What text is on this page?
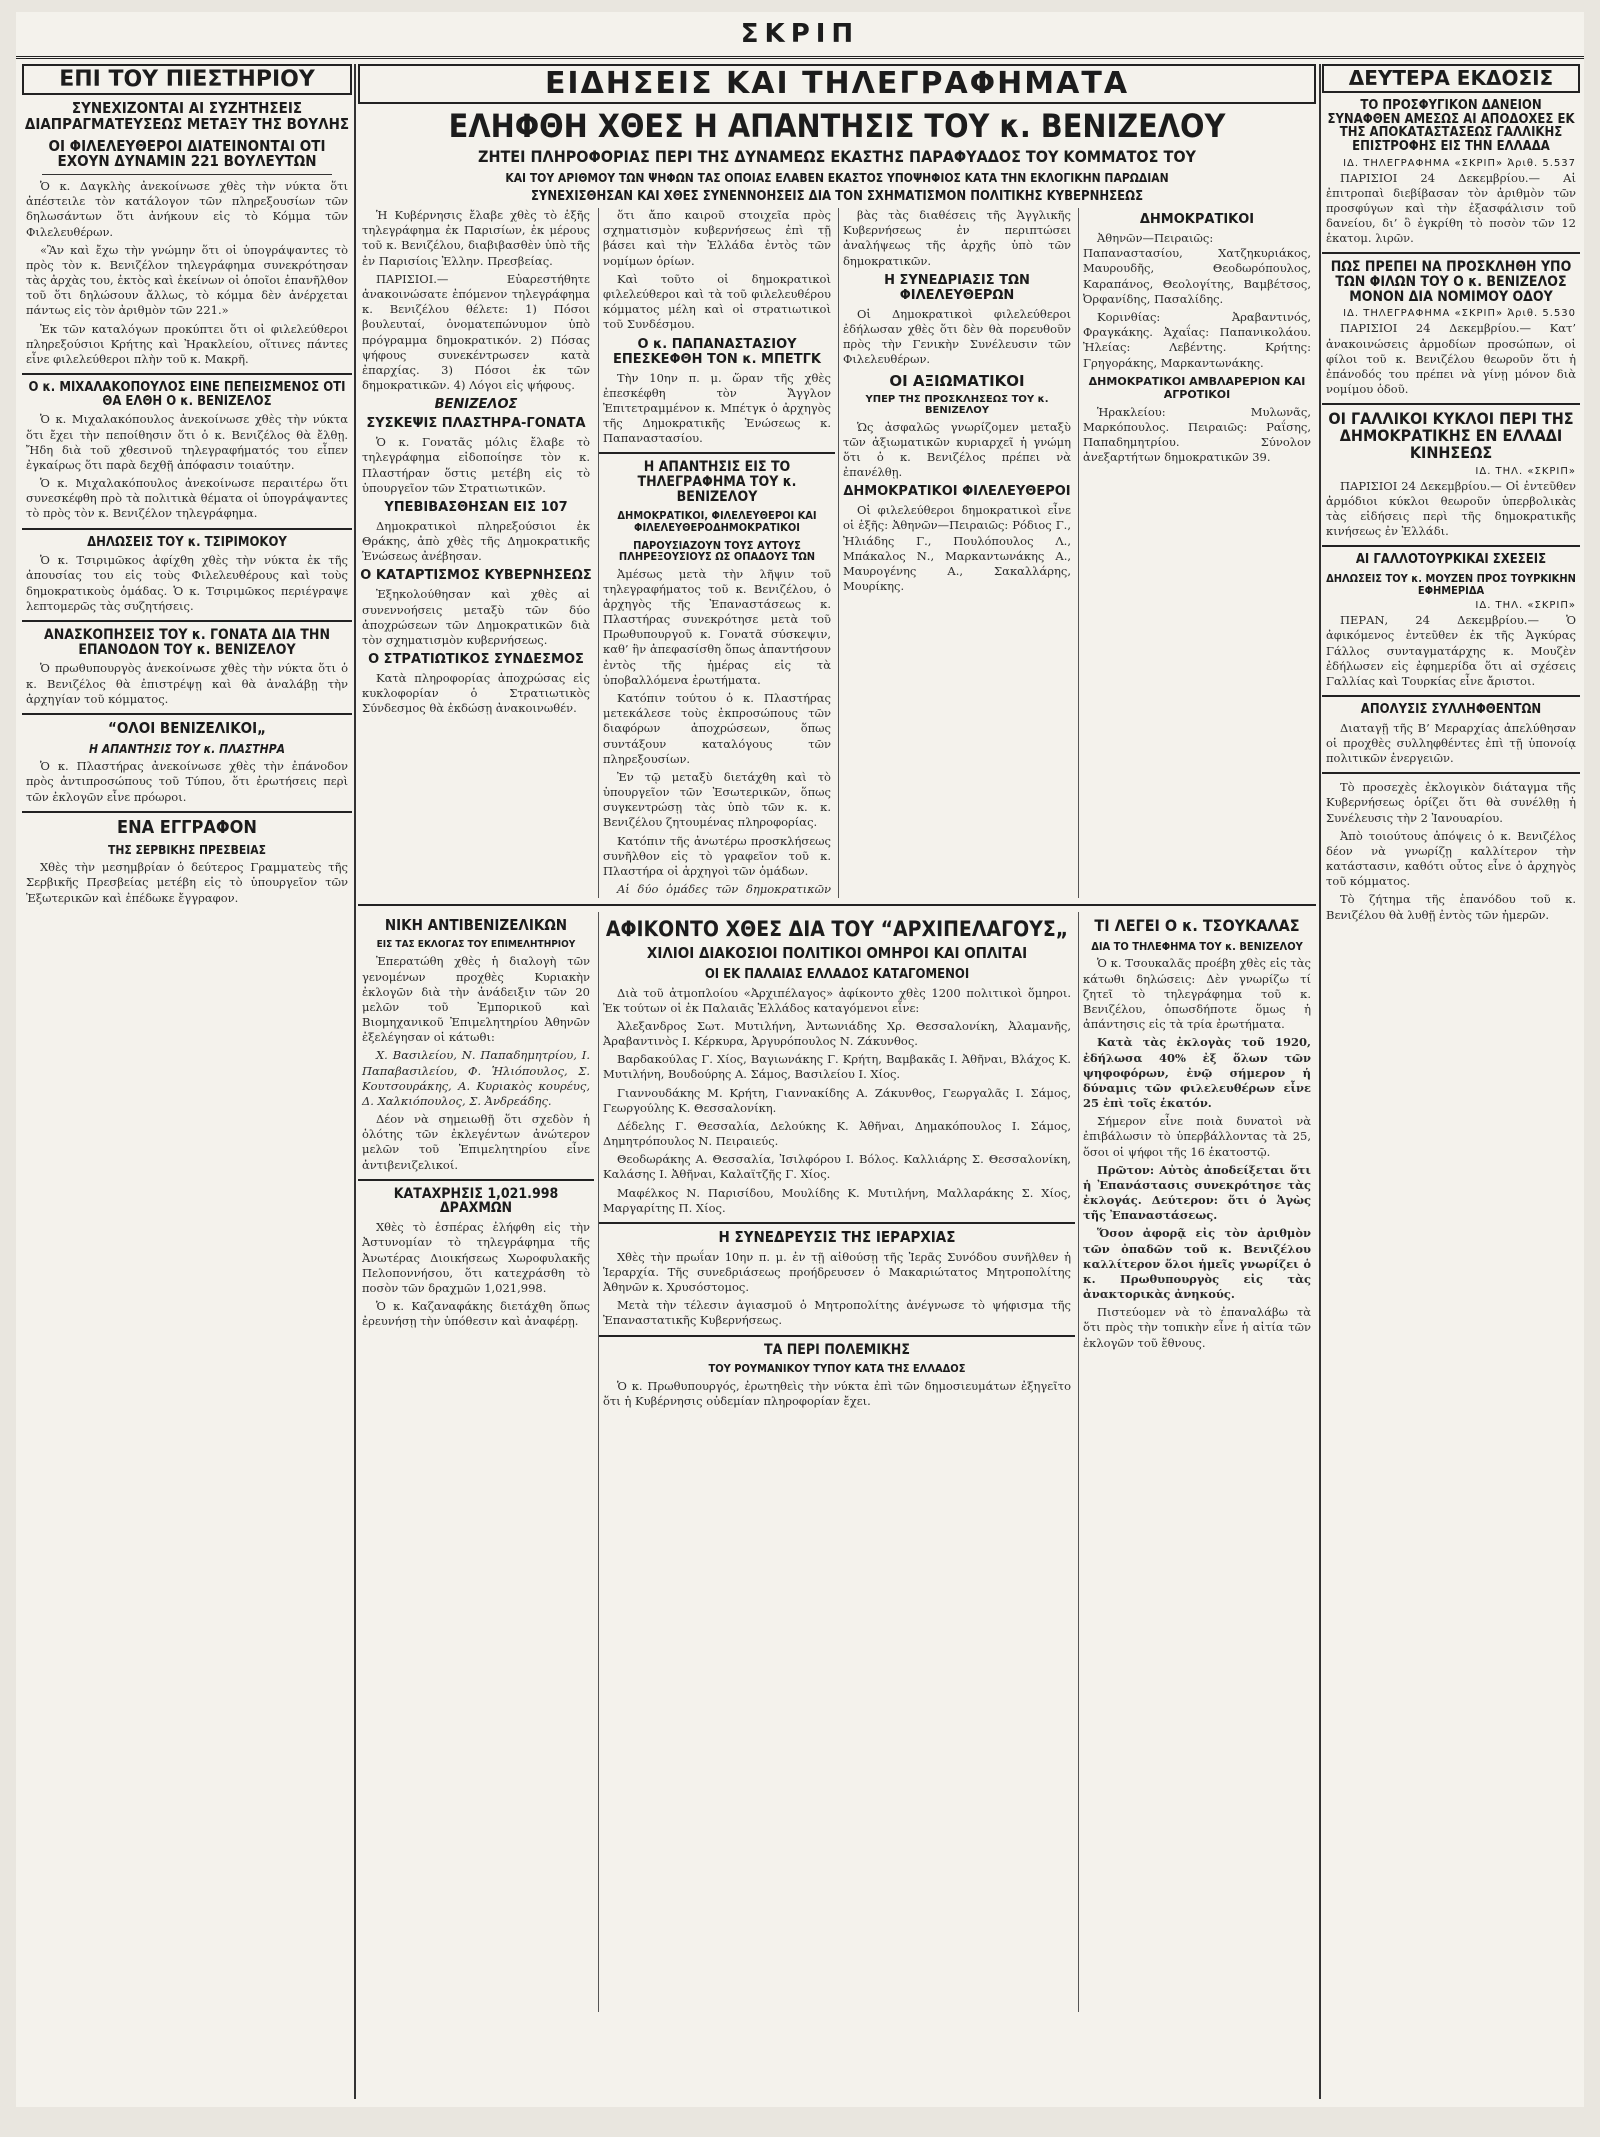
ΣΚΡΙΠ
ΕΠΙ ΤΟΥ ΠΙΕΣΤΗΡΙΟΥ
ΣΥΝΕΧΙΖΟΝΤΑΙ ΑΙ ΣΥΖΗΤΗΣΕΙΣ ΔΙΑΠΡΑΓΜΑΤΕΥΣΕΩΣ ΜΕΤΑΞΥ ΤΗΣ ΒΟΥΛΗΣ
ΟΙ ΦΙΛΕΛΕΥΘΕΡΟΙ ΔΙΑΤΕΙΝΟΝΤΑΙ ΟΤΙ ΕΧΟΥΝ ΔΥΝΑΜΙΝ 221 ΒΟΥΛΕΥΤΩΝ

Ὁ κ. Δαγκλὴς ἀνεκοίνωσε χθὲς τὴν νύκτα ὅτι ἀπέστειλε τὸν κατάλογον τῶν πληρεξουσίων τῶν δηλωσάντων ὅτι ἀνήκουν εἰς τὸ Κόμμα τῶν Φιλελευθέρων.

«Ἂν καὶ ἔχω τὴν γνώμην ὅτι οἱ ὑπογράψαντες τὸ πρὸς τὸν κ. Βενιζέλον τηλεγράφημα συνεκρότησαν τὰς ἀρχὰς του, ἐκτὸς καὶ ἐκείνων οἱ ὁποῖοι ἐπανῆλθον τοῦ ὅτι δηλώσουν ἄλλως, τὸ κόμμα δὲν ἀνέρχεται πάντως εἰς τὸν ἀριθμὸν τῶν 221.»

Ἐκ τῶν καταλόγων προκύπτει ὅτι οἱ φιλελεύθεροι πληρεξούσιοι Κρήτης καὶ Ἠρακλείου, οἵτινες πάντες εἶνε φιλελεύθεροι πλὴν τοῦ κ. Μακρῆ.

Ο κ. ΜΙΧΑΛΑΚΟΠΟΥΛΟΣ ΕΙΝΕ ΠΕΠΕΙΣΜΕΝΟΣ ΟΤΙ ΘΑ ΕΛΘΗ Ο κ. ΒΕΝΙΖΕΛΟΣ

Ὁ κ. Μιχαλακόπουλος ἀνεκοίνωσε χθὲς τὴν νύκτα ὅτι ἔχει τὴν πεποίθησιν ὅτι ὁ κ. Βενιζέλος θὰ ἔλθῃ. Ἤδη διὰ τοῦ χθεσινοῦ τηλεγραφήματός του εἶπεν ἐγκαίρως ὅτι παρὰ δεχθῇ ἀπόφασιν τοιαύτην.

Ὁ κ. Μιχαλακόπουλος ἀνεκοίνωσε περαιτέρω ὅτι συνεσκέφθη πρὸ τὰ πολιτικὰ θέματα οἱ ὑπογράψαντες τὸ πρὸς τὸν κ. Βενιζέλον τηλεγράφημα.

ΔΗΛΩΣΕΙΣ ΤΟΥ κ. ΤΣΙΡΙΜΟΚΟΥ

Ὁ κ. Τσιριμῶκος ἀφίχθη χθὲς τὴν νύκτα ἐκ τῆς ἀπουσίας του εἰς τοὺς Φιλελευθέρους καὶ τοὺς δημοκρατικοὺς ὁμάδας. Ὁ κ. Τσιριμῶκος περιέγραψε λεπτομερῶς τὰς συζητήσεις.

ΑΝΑΣΚΟΠΗΣΕΙΣ ΤΟΥ κ. ΓΟΝΑΤΑ ΔΙΑ ΤΗΝ ΕΠΑΝΟΔΟΝ ΤΟΥ κ. ΒΕΝΙΖΕΛΟΥ

Ὁ πρωθυπουργὸς ἀνεκοίνωσε χθὲς τὴν νύκτα ὅτι ὁ κ. Βενιζέλος θὰ ἐπιστρέψῃ καὶ θὰ ἀναλάβῃ τὴν ἀρχηγίαν τοῦ κόμματος.

“ΟΛΟΙ ΒΕΝΙΖΕΛΙΚΟΙ„
Η ΑΠΑΝΤΗΣΙΣ ΤΟΥ κ. ΠΛΑΣΤΗΡΑ

Ὁ κ. Πλαστήρας ἀνεκοίνωσε χθὲς τὴν ἐπάνοδον πρὸς ἀντιπροσώπους τοῦ Τύπου, ὅτι ἐρωτήσεις περὶ τῶν ἐκλογῶν εἶνε πρόωροι.

ΕΝΑ ΕΓΓΡΑΦΟΝ
ΤΗΣ ΣΕΡΒΙΚΗΣ ΠΡΕΣΒΕΙΑΣ

Χθὲς τὴν μεσημβρίαν ὁ δεύτερος Γραμματεὺς τῆς Σερβικῆς Πρεσβείας μετέβη εἰς τὸ ὑπουργεῖον τῶν Ἐξωτερικῶν καὶ ἐπέδωκε ἔγγραφον.

ΕΙΔΗΣΕΙΣ ΚΑΙ ΤΗΛΕΓΡΑΦΗΜΑΤΑ
ΕΛΗΦΘΗ ΧΘΕΣ Η ΑΠΑΝΤΗΣΙΣ ΤΟΥ κ. ΒΕΝΙΖΕΛΟΥ
ΖΗΤΕΙ ΠΛΗΡΟΦΟΡΙΑΣ ΠΕΡΙ ΤΗΣ ΔΥΝΑΜΕΩΣ ΕΚΑΣΤΗΣ ΠΑΡΑΦΥΑΔΟΣ ΤΟΥ ΚΟΜΜΑΤΟΣ ΤΟΥ
ΚΑΙ ΤΟΥ ΑΡΙΘΜΟΥ ΤΩΝ ΨΗΦΩΝ ΤΑΣ ΟΠΟΙΑΣ ΕΛΑΒΕΝ ΕΚΑΣΤΟΣ ΥΠΟΨΗΦΙΟΣ ΚΑΤΑ ΤΗΝ ΕΚΛΟΓΙΚΗΝ ΠΑΡΩΔΙΑΝ
ΣΥΝΕΧΙΣΘΗΣΑΝ ΚΑΙ ΧΘΕΣ ΣΥΝΕΝΝΟΗΣΕΙΣ ΔΙΑ ΤΟΝ ΣΧΗΜΑΤΙΣΜΟΝ ΠΟΛΙΤΙΚΗΣ ΚΥΒΕΡΝΗΣΕΩΣ

Ἡ Κυβέρνησις ἔλαβε χθὲς τὸ ἑξῆς τηλεγράφημα ἐκ Παρισίων, ἐκ μέρους τοῦ κ. Βενιζέλου, διαβιβασθὲν ὑπὸ τῆς ἐν Παρισίοις Ἑλλην. Πρεσβείας.

ΠΑΡΙΣΙΟΙ.— Εὐαρεστήθητε ἀνακοινώσατε ἐπόμενον τηλεγράφημα κ. Βενιζέλου θέλετε: 1) Πόσοι βουλευταί, ὀνοματεπώνυμον ὑπὸ πρόγραμμα δημοκρατικόν. 2) Πόσας ψήφους συνεκέντρωσεν κατὰ ἐπαρχίας. 3) Πόσοι ἐκ τῶν δημοκρατικῶν. 4) Λόγοι εἰς ψήφους.

ΒΕΝΙΖΕΛΟΣ
ΣΥΣΚΕΨΙΣ ΠΛΑΣΤΗΡΑ-ΓΟΝΑΤΑ

Ὁ κ. Γονατᾶς μόλις ἔλαβε τὸ τηλεγράφημα εἰδοποίησε τὸν κ. Πλαστήραν ὅστις μετέβη εἰς τὸ ὑπουργεῖον τῶν Στρατιωτικῶν.

ΥΠΕΒΙΒΑΣΘΗΣΑΝ ΕΙΣ 107

Δημοκρατικοὶ πληρεξούσιοι ἐκ Θράκης, ἀπὸ χθὲς τῆς Δημοκρατικῆς Ἑνώσεως ἀνέβησαν.

Ο ΚΑΤΑΡΤΙΣΜΟΣ ΚΥΒΕΡΝΗΣΕΩΣ

Ἐξηκολούθησαν καὶ χθὲς αἱ συνεννοήσεις μεταξὺ τῶν δύο ἀποχρώσεων τῶν Δημοκρατικῶν διὰ τὸν σχηματισμὸν κυβερνήσεως.

Ο ΣΤΡΑΤΙΩΤΙΚΟΣ ΣΥΝΔΕΣΜΟΣ

Κατὰ πληροφορίας ἀποχρώσας εἰς κυκλοφορίαν ὁ Στρατιωτικὸς Σύνδεσμος θὰ ἐκδώσῃ ἀνακοινωθέν.

ὅτι ἄπο καιροῦ στοιχεῖα πρὸς σχηματισμὸν κυβερνήσεως ἐπὶ τῇ βάσει καὶ τὴν Ἑλλάδα ἐντὸς τῶν νομίμων ὁρίων.

Καὶ τοῦτο οἱ δημοκρατικοὶ φιλελεύθεροι καὶ τὰ τοῦ φιλελευθέρου κόμματος μέλη καὶ οἱ στρατιωτικοὶ τοῦ Συνδέσμου.

Ο κ. ΠΑΠΑΝΑΣΤΑΣΙΟΥ ΕΠΕΣΚΕΦΘΗ ΤΟΝ κ. ΜΠΕΤΓΚ

Τὴν 10ην π. μ. ὥραν τῆς χθὲς ἐπεσκέφθη τὸν Ἄγγλον Ἐπιτετραμμένον κ. Μπέτγκ ὁ ἀρχηγὸς τῆς Δημοκρατικῆς Ἑνώσεως κ. Παπαναστασίου.

Η ΑΠΑΝΤΗΣΙΣ ΕΙΣ ΤΟ ΤΗΛΕΓΡΑΦΗΜΑ ΤΟΥ κ. ΒΕΝΙΖΕΛΟΥ
ΔΗΜΟΚΡΑΤΙΚΟΙ, ΦΙΛΕΛΕΥΘΕΡΟΙ ΚΑΙ ΦΙΛΕΛΕΥΘΕΡΟΔΗΜΟΚΡΑΤΙΚΟΙ
ΠΑΡΟΥΣΙΑΖΟΥΝ ΤΟΥΣ ΑΥΤΟΥΣ ΠΛΗΡΕΞΟΥΣΙΟΥΣ ΩΣ ΟΠΑΔΟΥΣ ΤΩΝ

Ἀμέσως μετὰ τὴν λῆψιν τοῦ τηλεγραφήματος τοῦ κ. Βενιζέλου, ὁ ἀρχηγὸς τῆς Ἐπαναστάσεως κ. Πλαστήρας συνεκρότησε μετὰ τοῦ Πρωθυπουργοῦ κ. Γονατᾶ σύσκεψιν, καθ’ ἣν ἀπεφασίσθη ὅπως ἀπαντήσουν ἐντὸς τῆς ἡμέρας εἰς τὰ ὑποβαλλόμενα ἐρωτήματα.

Κατόπιν τούτου ὁ κ. Πλαστήρας μετεκάλεσε τοὺς ἐκπροσώπους τῶν διαφόρων ἀποχρώσεων, ὅπως συντάξουν καταλόγους τῶν πληρεξουσίων.

Ἐν τῷ μεταξὺ διετάχθη καὶ τὸ ὑπουργεῖον τῶν Ἐσωτερικῶν, ὅπως συγκεντρώσῃ τὰς ὑπὸ τῶν κ. κ. Βενιζέλου ζητουμένας πληροφορίας.

Κατόπιν τῆς ἀνωτέρω προσκλήσεως συνῆλθον εἰς τὸ γραφεῖον τοῦ κ. Πλαστήρα οἱ ἀρχηγοὶ τῶν ὁμάδων.

Αἱ δύο ὁμάδες τῶν δημοκρατικῶν

βὰς τὰς διαθέσεις τῆς Ἀγγλικῆς Κυβερνήσεως ἐν περιπτώσει ἀναλήψεως τῆς ἀρχῆς ὑπὸ τῶν δημοκρατικῶν.

Η ΣΥΝΕΔΡΙΑΣΙΣ ΤΩΝ ΦΙΛΕΛΕΥΘΕΡΩΝ

Οἱ Δημοκρατικοὶ φιλελεύθεροι ἐδήλωσαν χθὲς ὅτι δὲν θὰ πορευθοῦν πρὸς τὴν Γενικὴν Συνέλευσιν τῶν Φιλελευθέρων.

ΟΙ ΑΞΙΩΜΑΤΙΚΟΙ
ΥΠΕΡ ΤΗΣ ΠΡΟΣΚΛΗΣΕΩΣ ΤΟΥ κ. ΒΕΝΙΖΕΛΟΥ

Ὡς ἀσφαλῶς γνωρίζομεν μεταξὺ τῶν ἀξιωματικῶν κυριαρχεῖ ἡ γνώμη ὅτι ὁ κ. Βενιζέλος πρέπει νὰ ἐπανέλθῃ.

ΔΗΜΟΚΡΑΤΙΚΟΙ ΦΙΛΕΛΕΥΘΕΡΟΙ

Οἱ φιλελεύθεροι δημοκρατικοὶ εἶνε οἱ ἑξῆς: Ἀθηνῶν—Πειραιῶς: Ρόδιος Γ., Ἠλιάδης Γ., Πουλόπουλος Λ., Μπάκαλος Ν., Μαρκαντωνάκης Α., Μαυρογένης Α., Σακαλλάρης, Μουρίκης.

ΔΗΜΟΚΡΑΤΙΚΟΙ

Ἀθηνῶν—Πειραιῶς: Παπαναστασίου, Χατζηκυριάκος, Μαυρουδῆς, Θεοδωρόπουλος, Καραπάνος, Θεολογίτης, Βαμβέτσος, Ὀρφανίδης, Πασαλίδης.

Κορινθίας: Ἀραβαντινός, Φραγκάκης. Ἀχαΐας: Παπανικολάου. Ἠλείας: Λεβέντης. Κρήτης: Γρηγοράκης, Μαρκαντωνάκης.

ΔΗΜΟΚΡΑΤΙΚΟΙ ΑΜΒΛΑΡΕΡΙΟΝ ΚΑΙ ΑΓΡΟΤΙΚΟΙ

Ἡρακλείου: Μυλωνᾶς, Μαρκόπουλος. Πειραιῶς: Ραΐσης, Παπαδημητρίου. Σύνολον ἀνεξαρτήτων δημοκρατικῶν 39.

ΝΙΚΗ ΑΝΤΙΒΕΝΙΖΕΛΙΚΩΝ
ΕΙΣ ΤΑΣ ΕΚΛΟΓΑΣ ΤΟΥ ΕΠΙΜΕΛΗΤΗΡΙΟΥ

Ἐπερατώθη χθὲς ἡ διαλογὴ τῶν γενομένων προχθὲς Κυριακὴν ἐκλογῶν διὰ τὴν ἀνάδειξιν τῶν 20 μελῶν τοῦ Ἐμπορικοῦ καὶ Βιομηχανικοῦ Ἐπιμελητηρίου Ἀθηνῶν ἐξελέγησαν οἱ κάτωθι:

Χ. Βασιλείου, Ν. Παπαδημητρίου, Ι. Παπαβασιλείου, Φ. Ἡλιόπουλος, Σ. Κουτσουράκης, Α. Κυριακὸς κουρέυς, Δ. Χαλκιόπουλος, Σ. Ἀνδρεάδης.

Δέον νὰ σημειωθῇ ὅτι σχεδὸν ἡ ὁλότης τῶν ἐκλεγέντων ἀνώτερον μελῶν τοῦ Ἐπιμελητηρίου εἶνε ἀντιβενιζελικοί.

ΚΑΤΑΧΡΗΣΙΣ 1,021.998 ΔΡΑΧΜΩΝ

Χθὲς τὸ ἑσπέρας ἐλήφθη εἰς τὴν Ἀστυνομίαν τὸ τηλεγράφημα τῆς Ἀνωτέρας Διοικήσεως Χωροφυλακῆς Πελοποννήσου, ὅτι κατεχράσθη τὸ ποσὸν τῶν δραχμῶν 1,021,998.

Ὁ κ. Καζαναφάκης διετάχθη ὅπως ἐρευνήσῃ τὴν ὑπόθεσιν καὶ ἀναφέρῃ.

ΑΦΙΚΟΝΤΟ ΧΘΕΣ ΔΙΑ ΤΟΥ “ΑΡΧΙΠΕΛΑΓΟΥΣ„
ΧΙΛΙΟΙ ΔΙΑΚΟΣΙΟΙ ΠΟΛΙΤΙΚΟΙ ΟΜΗΡΟΙ ΚΑΙ ΟΠΛΙΤΑΙ
ΟΙ ΕΚ ΠΑΛΑΙΑΣ ΕΛΛΑΔΟΣ ΚΑΤΑΓΟΜΕΝΟΙ

Διὰ τοῦ ἀτμοπλοίου «Ἀρχιπέλαγος» ἀφίκοντο χθὲς 1200 πολιτικοὶ ὅμηροι. Ἐκ τούτων οἱ ἐκ Παλαιᾶς Ἑλλάδος καταγόμενοι εἶνε:

Ἀλεξανδρος Σωτ. Μυτιλήνη, Ἀντωνιάδης Χρ. Θεσσαλονίκη, Ἀλαμανῆς, Ἀραβαντινὸς Ι. Κέρκυρα, Ἀργυρόπουλος Ν. Ζάκυνθος.

Βαρδακούλας Γ. Χίος, Βαγιωνάκης Γ. Κρήτη, Βαμβακᾶς Ι. Ἀθῆναι, Βλάχος Κ. Μυτιλήνη, Βουδούρης Α. Σάμος, Βασιλείου Ι. Χίος.

Γιαννουδάκης Μ. Κρήτη, Γιαννακίδης Α. Ζάκυνθος, Γεωργαλᾶς Ι. Σάμος, Γεωργούλης Κ. Θεσσαλονίκη.

Δέδελης Γ. Θεσσαλία, Δελούκης Κ. Ἀθῆναι, Δημακόπουλος Ι. Σάμος, Δημητρόπουλος Ν. Πειραιεύς.

Θεοδωράκης Α. Θεσσαλία, Ἰσιλφόρου Ι. Βόλος. Καλλιάρης Σ. Θεσσαλονίκη, Καλάσης Ι. Ἀθῆναι, Καλαϊτζῆς Γ. Χίος.

Μαφέλκος Ν. Παρισίδου, Μουλίδης Κ. Μυτιλήνη, Μαλλαράκης Σ. Χίος, Μαργαρίτης Π. Χίος.

Η ΣΥΝΕΔΡΕΥΣΙΣ ΤΗΣ ΙΕΡΑΡΧΙΑΣ

Χθὲς τὴν πρωΐαν 10ην π. μ. ἐν τῇ αἰθούσῃ τῆς Ἱερᾶς Συνόδου συνῆλθεν ἡ Ἱεραρχία. Τῆς συνεδριάσεως προήδρευσεν ὁ Μακαριώτατος Μητροπολίτης Ἀθηνῶν κ. Χρυσόστομος.

Μετὰ τὴν τέλεσιν ἁγιασμοῦ ὁ Μητροπολίτης ἀνέγνωσε τὸ ψήφισμα τῆς Ἐπαναστατικῆς Κυβερνήσεως.

ΤΑ ΠΕΡΙ ΠΟΛΕΜΙΚΗΣ
ΤΟΥ ΡΟΥΜΑΝΙΚΟΥ ΤΥΠΟΥ ΚΑΤΑ ΤΗΣ ΕΛΛΑΔΟΣ

Ὁ κ. Πρωθυπουργός, ἐρωτηθεὶς τὴν νύκτα ἐπὶ τῶν δημοσιευμάτων ἐξηγεῖτο ὅτι ἡ Κυβέρνησις οὐδεμίαν πληροφορίαν ἔχει.

ΤΙ ΛΕΓΕΙ Ο κ. ΤΣΟΥΚΑΛΑΣ
ΔΙΑ ΤΟ ΤΗΛΕΦΗΜΑ ΤΟΥ κ. ΒΕΝΙΖΕΛΟΥ

Ὁ κ. Τσουκαλᾶς προέβη χθὲς εἰς τὰς κάτωθι δηλώσεις: Δὲν γνωρίζω τί ζητεῖ τὸ τηλεγράφημα τοῦ κ. Βενιζέλου, ὁπωσδήποτε ὅμως ἡ ἀπάντησις εἰς τὰ τρία ἐρωτήματα.

Κατὰ τὰς ἐκλογὰς τοῦ 1920, ἐδήλωσα 40% ἐξ ὅλων τῶν ψηφοφόρων, ἐνῷ σήμερον ἡ δύναμις τῶν φιλελευθέρων εἶνε 25 ἐπὶ τοῖς ἑκατόν.

Σήμερον εἶνε ποιὰ δυνατοὶ νὰ ἐπιβάλωσιν τὸ ὑπερβάλλοντας τὰ 25, ὅσοι οἱ ψήφοι τῆς 16 ἑκατοστῷ.

Πρῶτον: Αὐτὸς ἀποδείξεται ὅτι ἡ Ἐπανάστασις συνεκρότησε τὰς ἐκλογάς. Δεύτερον: ὅτι ὁ Ἀγὼς τῆς Ἐπαναστάσεως.

Ὅσον ἀφορᾷ εἰς τὸν ἀριθμὸν τῶν ὀπαδῶν τοῦ κ. Βενιζέλου καλλίτερον ὅλοι ἡμεῖς γνωρίζει ὁ κ. Πρωθυπουργὸς εἰς τὰς ἀνακτορικὰς ἀνηκούς.

Πιστεύομεν νὰ τὸ ἐπαναλάβω τὰ ὅτι πρὸς τὴν τοπικὴν εἶνε ἡ αἰτία τῶν ἐκλογῶν τοῦ ἔθνους.

ΔΕΥΤΕΡΑ ΕΚΔΟΣΙΣ
ΤΟ ΠΡΟΣΦΥΓΙΚΟΝ ΔΑΝΕΙΟΝ ΣΥΝΑΦΘΕΝ ΑΜΕΣΩΣ ΑΙ ΑΠΟΔΟΧΕΣ ΕΚ ΤΗΣ ΑΠΟΚΑΤΑΣΤΑΣΕΩΣ ΓΑΛΛΙΚΗΣ ΕΠΙΣΤΡΟΦΗΣ ΕΙΣ ΤΗΝ ΕΛΛΑΔΑ
ΙΔ. ΤΗΛΕΓΡΑΦΗΜΑ «ΣΚΡΙΠ» Ἀριθ. 5.537

ΠΑΡΙΣΙΟΙ 24 Δεκεμβρίου.— Αἱ ἐπιτροπαὶ διεβίβασαν τὸν ἀριθμὸν τῶν προσφύγων καὶ τὴν ἐξασφάλισιν τοῦ δανείου, δι’ ὃ ἐγκρίθη τὸ ποσὸν τῶν 12 ἑκατομ. λιρῶν.

ΠΩΣ ΠΡΕΠΕΙ ΝΑ ΠΡΟΣΚΛΗΘΗ ΥΠΟ ΤΩΝ ΦΙΛΩΝ ΤΟΥ Ο κ. ΒΕΝΙΖΕΛΟΣ ΜΟΝΟΝ ΔΙΑ ΝΟΜΙΜΟΥ ΟΔΟΥ
ΙΔ. ΤΗΛΕΓΡΑΦΗΜΑ «ΣΚΡΙΠ» Ἀριθ. 5.530

ΠΑΡΙΣΙΟΙ 24 Δεκεμβρίου.— Κατ’ ἀνακοινώσεις ἀρμοδίων προσώπων, οἱ φίλοι τοῦ κ. Βενιζέλου θεωροῦν ὅτι ἡ ἐπάνοδός του πρέπει νὰ γίνῃ μόνον διὰ νομίμου ὁδοῦ.

ΟΙ ΓΑΛΛΙΚΟΙ ΚΥΚΛΟΙ ΠΕΡΙ ΤΗΣ ΔΗΜΟΚΡΑΤΙΚΗΣ ΕΝ ΕΛΛΑΔΙ ΚΙΝΗΣΕΩΣ
ΙΔ. ΤΗΛ. «ΣΚΡΙΠ»

ΠΑΡΙΣΙΟΙ 24 Δεκεμβρίου.— Οἱ ἐντεῦθεν ἀρμόδιοι κύκλοι θεωροῦν ὑπερβολικὰς τὰς εἰδήσεις περὶ τῆς δημοκρατικῆς κινήσεως ἐν Ἑλλάδι.

ΑΙ ΓΑΛΛΟΤΟΥΡΚΙΚΑΙ ΣΧΕΣΕΙΣ
ΔΗΛΩΣΕΙΣ ΤΟΥ κ. ΜΟΥΖΕΝ ΠΡΟΣ ΤΟΥΡΚΙΚΗΝ ΕΦΗΜΕΡΙΔΑ
ΙΔ. ΤΗΛ. «ΣΚΡΙΠ»

ΠΕΡΑΝ, 24 Δεκεμβρίου.— Ὁ ἀφικόμενος ἐντεῦθεν ἐκ τῆς Ἀγκύρας Γάλλος συνταγματάρχης κ. Μουζὲν ἐδήλωσεν εἰς ἐφημερίδα ὅτι αἱ σχέσεις Γαλλίας καὶ Τουρκίας εἶνε ἄριστοι.

ΑΠΟΛΥΣΙΣ ΣΥΛΛΗΦΘΕΝΤΩΝ

Διαταγῇ τῆς Β’ Μεραρχίας ἀπελύθησαν οἱ προχθὲς συλληφθέντες ἐπὶ τῇ ὑπονοίᾳ πολιτικῶν ἐνεργειῶν.

Τὸ προσεχὲς ἐκλογικὸν διάταγμα τῆς Κυβερνήσεως ὁρίζει ὅτι θὰ συνέλθῃ ἡ Συνέλευσις τὴν 2 Ἰανουαρίου.

Ἀπὸ τοιούτους ἀπόψεις ὁ κ. Βενιζέλος δέον νὰ γνωρίζῃ καλλίτερον τὴν κατάστασιν, καθότι οὗτος εἶνε ὁ ἀρχηγὸς τοῦ κόμματος.

Τὸ ζήτημα τῆς ἐπανόδου τοῦ κ. Βενιζέλου θὰ λυθῇ ἐντὸς τῶν ἡμερῶν.
